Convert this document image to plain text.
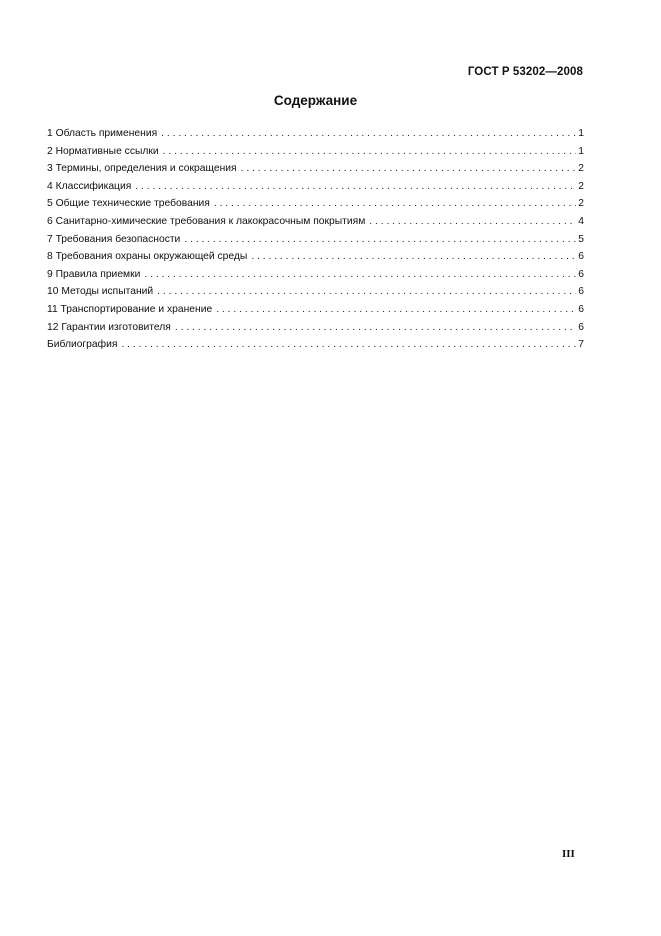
ГОСТ Р 53202—2008
Содержание
1 Область применения . . .	1
2 Нормативные ссылки . . .	1
3 Термины, определения и сокращения . . .	2
4 Классификация . . .	2
5 Общие технические требования . . .	2
6 Санитарно-химические требования к лакокрасочным покрытиям . . .	4
7 Требования безопасности . . .	5
8 Требования охраны окружающей среды . . .	6
9 Правила приемки . . .	6
10 Методы испытаний . . .	6
11 Транспортирование и хранение . . .	6
12 Гарантии изготовителя . . .	6
Библиография . . .	7
III
